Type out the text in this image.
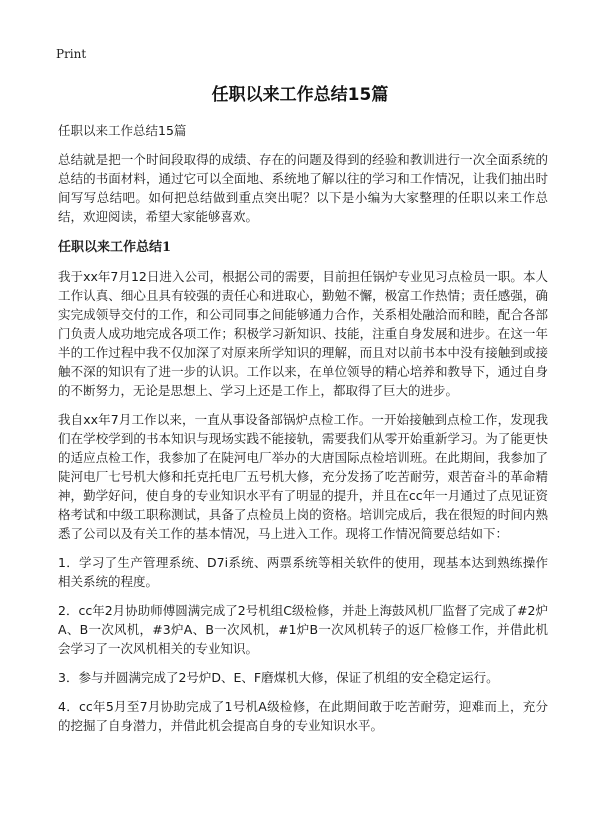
Print
任职以来工作总结15篇

任职以来工作总结15篇

总结就是把一个时间段取得的成绩、存在的问题及得到的经验和教训进行一次全面系统的总结的书面材料，通过它可以全面地、系统地了解以往的学习和工作情况，让我们抽出时间写写总结吧。如何把总结做到重点突出呢？以下是小编为大家整理的任职以来工作总结，欢迎阅读，希望大家能够喜欢。

任职以来工作总结1

我于xx年7月12日进入公司，根据公司的需要，目前担任锅炉专业见习点检员一职。本人工作认真、细心且具有较强的责任心和进取心，勤勉不懈，极富工作热情；责任感强，确实完成领导交付的工作，和公司同事之间能够通力合作，关系相处融洽而和睦，配合各部门负责人成功地完成各项工作；积极学习新知识、技能，注重自身发展和进步。在这一年半的工作过程中我不仅加深了对原来所学知识的理解，而且对以前书本中没有接触到或接触不深的知识有了进一步的认识。工作以来，在单位领导的精心培养和教导下，通过自身的不断努力，无论是思想上、学习上还是工作上，都取得了巨大的进步。

我自xx年7月工作以来，一直从事设备部锅炉点检工作。一开始接触到点检工作，发现我们在学校学到的书本知识与现场实践不能接轨，需要我们从零开始重新学习。为了能更快的适应点检工作，我参加了在陡河电厂举办的大唐国际点检培训班。在此期间，我参加了陡河电厂七号机大修和托克托电厂五号机大修，充分发扬了吃苦耐劳，艰苦奋斗的革命精神，勤学好问，使自身的专业知识水平有了明显的提升，并且在cc年一月通过了点见证资格考试和中级工职称测试，具备了点检员上岗的资格。培训完成后，我在很短的时间内熟悉了公司以及有关工作的基本情况，马上进入工作。现将工作情况简要总结如下：

1．学习了生产管理系统、D7i系统、两票系统等相关软件的使用，现基本达到熟练操作相关系统的程度。

2．cc年2月协助师傅圆满完成了2号机组C级检修，并赴上海鼓风机厂监督了完成了#2炉A、B一次风机，#3炉A、B一次风机，#1炉B一次风机转子的返厂检修工作，并借此机会学习了一次风机相关的专业知识。

3．参与并圆满完成了2号炉D、E、F磨煤机大修，保证了机组的安全稳定运行。

4．cc年5月至7月协助完成了1号机A级检修，在此期间敢于吃苦耐劳，迎难而上，充分的挖掘了自身潜力，并借此机会提高自身的专业知识水平。
